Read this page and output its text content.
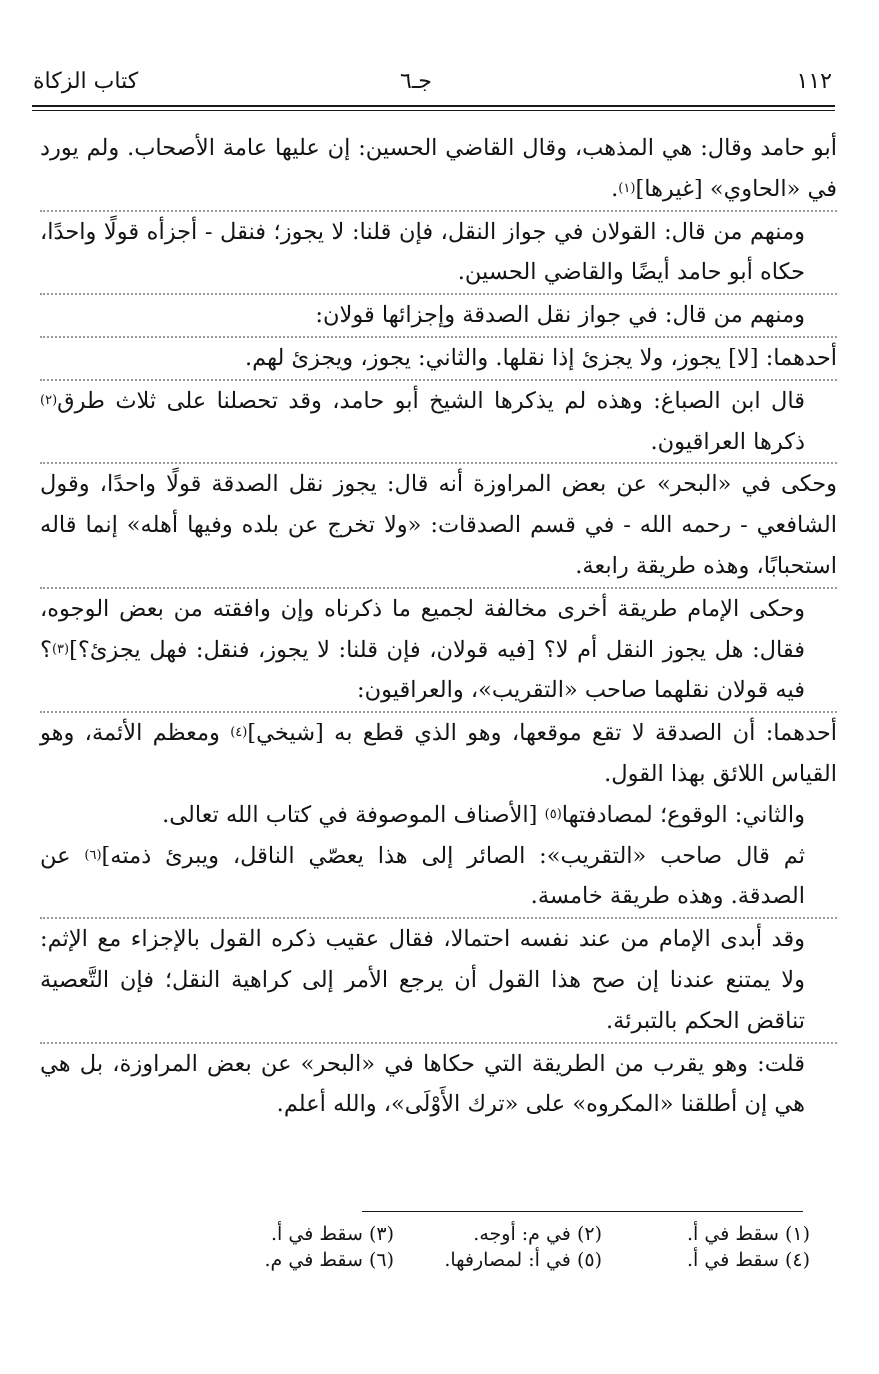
١١٢
جـ٦
كتاب الزكاة

أبو حامد وقال: هي المذهب، وقال القاضي الحسين: إن عليها عامة الأصحاب. ولم يورد في «الحاوي» [غيرها]$^{(١)}$.

ومنهم من قال: القولان في جواز النقل، فإن قلنا: لا يجوز؛ فنقل - أجزأه قولًا واحدًا، حكاه أبو حامد أيضًا والقاضي الحسين.

ومنهم من قال: في جواز نقل الصدقة وإجزائها قولان:

أحدهما: [لا] يجوز، ولا يجزئ إذا نقلها. والثاني: يجوز، ويجزئ لهم.

قال ابن الصباغ: وهذه لم يذكرها الشيخ أبو حامد، وقد تحصلنا على ثلاث طرق$^{(٢)}$ ذكرها العراقيون.

وحكى في «البحر» عن بعض المراوزة أنه قال: يجوز نقل الصدقة قولًا واحدًا، وقول الشافعي - رحمه الله - في قسم الصدقات: «ولا تخرج عن بلده وفيها أهله» إنما قاله استحبابًا، وهذه طريقة رابعة.

وحكى الإمام طريقة أخرى مخالفة لجميع ما ذكرناه وإن وافقته من بعض الوجوه، فقال: هل يجوز النقل أم لا؟ [فيه قولان، فإن قلنا: لا يجوز، فنقل: فهل يجزئ؟]$^{(٣)}$؟ فيه قولان نقلهما صاحب «التقريب»، والعراقيون:

أحدهما: أن الصدقة لا تقع موقعها، وهو الذي قطع به [شيخي]$^{(٤)}$ ومعظم الأئمة، وهو القياس اللائق بهذا القول.

والثاني: الوقوع؛ لمصادفتها$^{(٥)}$ [الأصناف الموصوفة في كتاب الله تعالى.

ثم قال صاحب «التقريب»: الصائر إلى هذا يعصّي الناقل، ويبرئ ذمته]$^{(٦)}$ عن الصدقة. وهذه طريقة خامسة.

وقد أبدى الإمام من عند نفسه احتمالا، فقال عقيب ذكره القول بالإجزاء مع الإثم: ولا يمتنع عندنا إن صح هذا القول أن يرجع الأمر إلى كراهية النقل؛ فإن التَّعصية تناقض الحكم بالتبرئة.

قلت: وهو يقرب من الطريقة التي حكاها في «البحر» عن بعض المراوزة، بل هي هي إن أطلقنا «المكروه» على «ترك الأَوْلَى»، والله أعلم.

(١) سقط في أ.
(٢) في م: أوجه.
(٣) سقط في أ.
(٤) سقط في أ.
(٥) في أ: لمصارفها.
(٦) سقط في م.
